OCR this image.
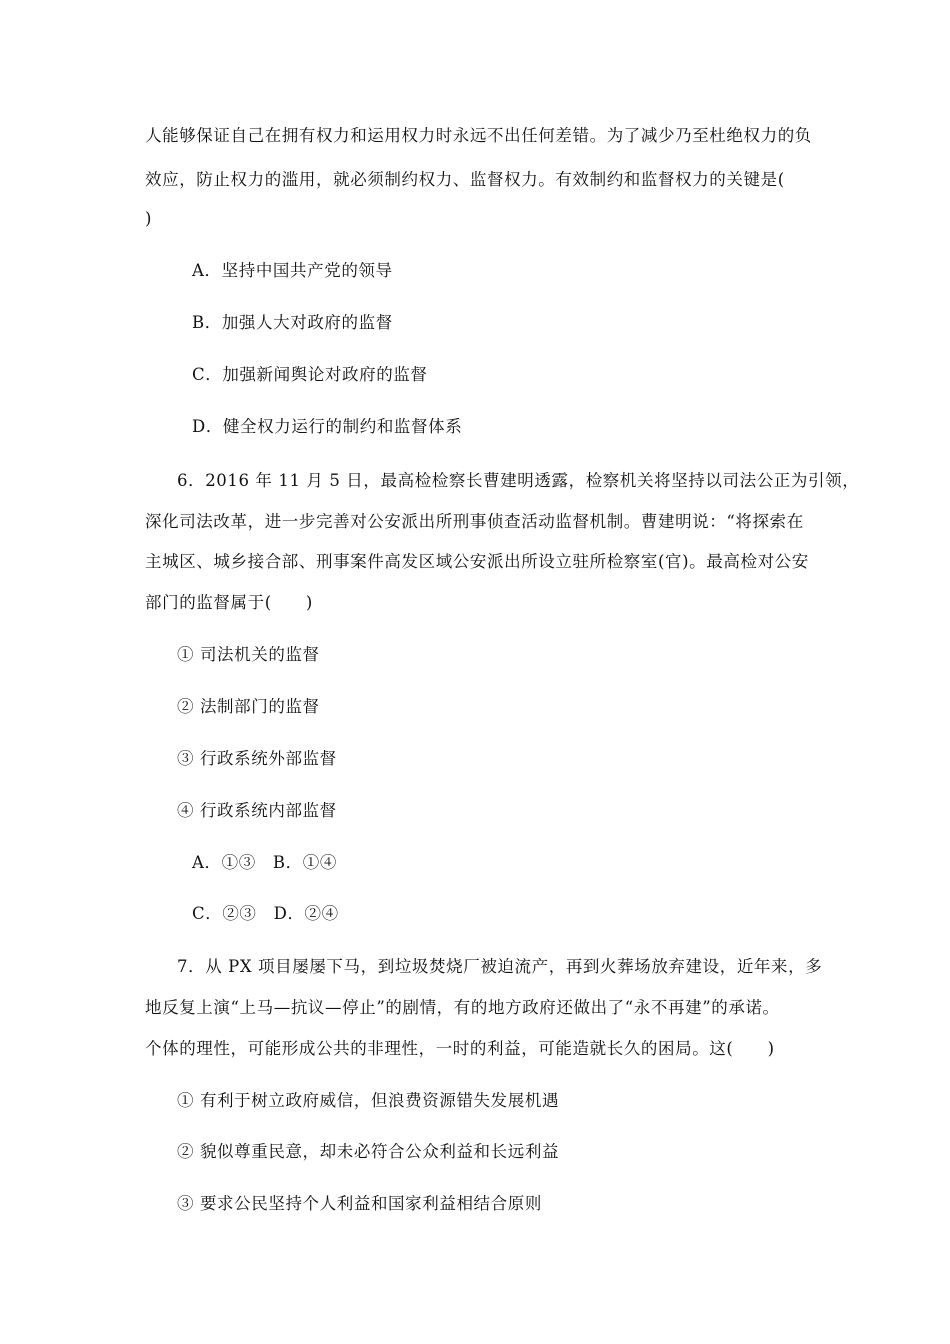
人能够保证自己在拥有权力和运用权力时永远不出任何差错。为了减少乃至杜绝权力的负
效应，防止权力的滥用，就必须制约权力、监督权力。有效制约和监督权力的关键是(
)
A．坚持中国共产党的领导
B．加强人大对政府的监督
C．加强新闻舆论对政府的监督
D．健全权力运行的制约和监督体系
6．2016 年 11 月 5 日，最高检检察长曹建明透露，检察机关将坚持以司法公正为引领，
深化司法改革，进一步完善对公安派出所刑事侦查活动监督机制。曹建明说：“将探索在
主城区、城乡接合部、刑事案件高发区域公安派出所设立驻所检察室(官)。最高检对公安
部门的监督属于(　　)
① 司法机关的监督
② 法制部门的监督
③ 行政系统外部监督
④ 行政系统内部监督
A．①③　B．①④
C．②③　D．②④
7．从 PX 项目屡屡下马，到垃圾焚烧厂被迫流产，再到火葬场放弃建设，近年来，多
地反复上演“上马—抗议—停止”的剧情，有的地方政府还做出了“永不再建”的承诺。
个体的理性，可能形成公共的非理性，一时的利益，可能造就长久的困局。这(　　)
① 有利于树立政府威信，但浪费资源错失发展机遇
② 貌似尊重民意，却未必符合公众利益和长远利益
③ 要求公民坚持个人利益和国家利益相结合原则
